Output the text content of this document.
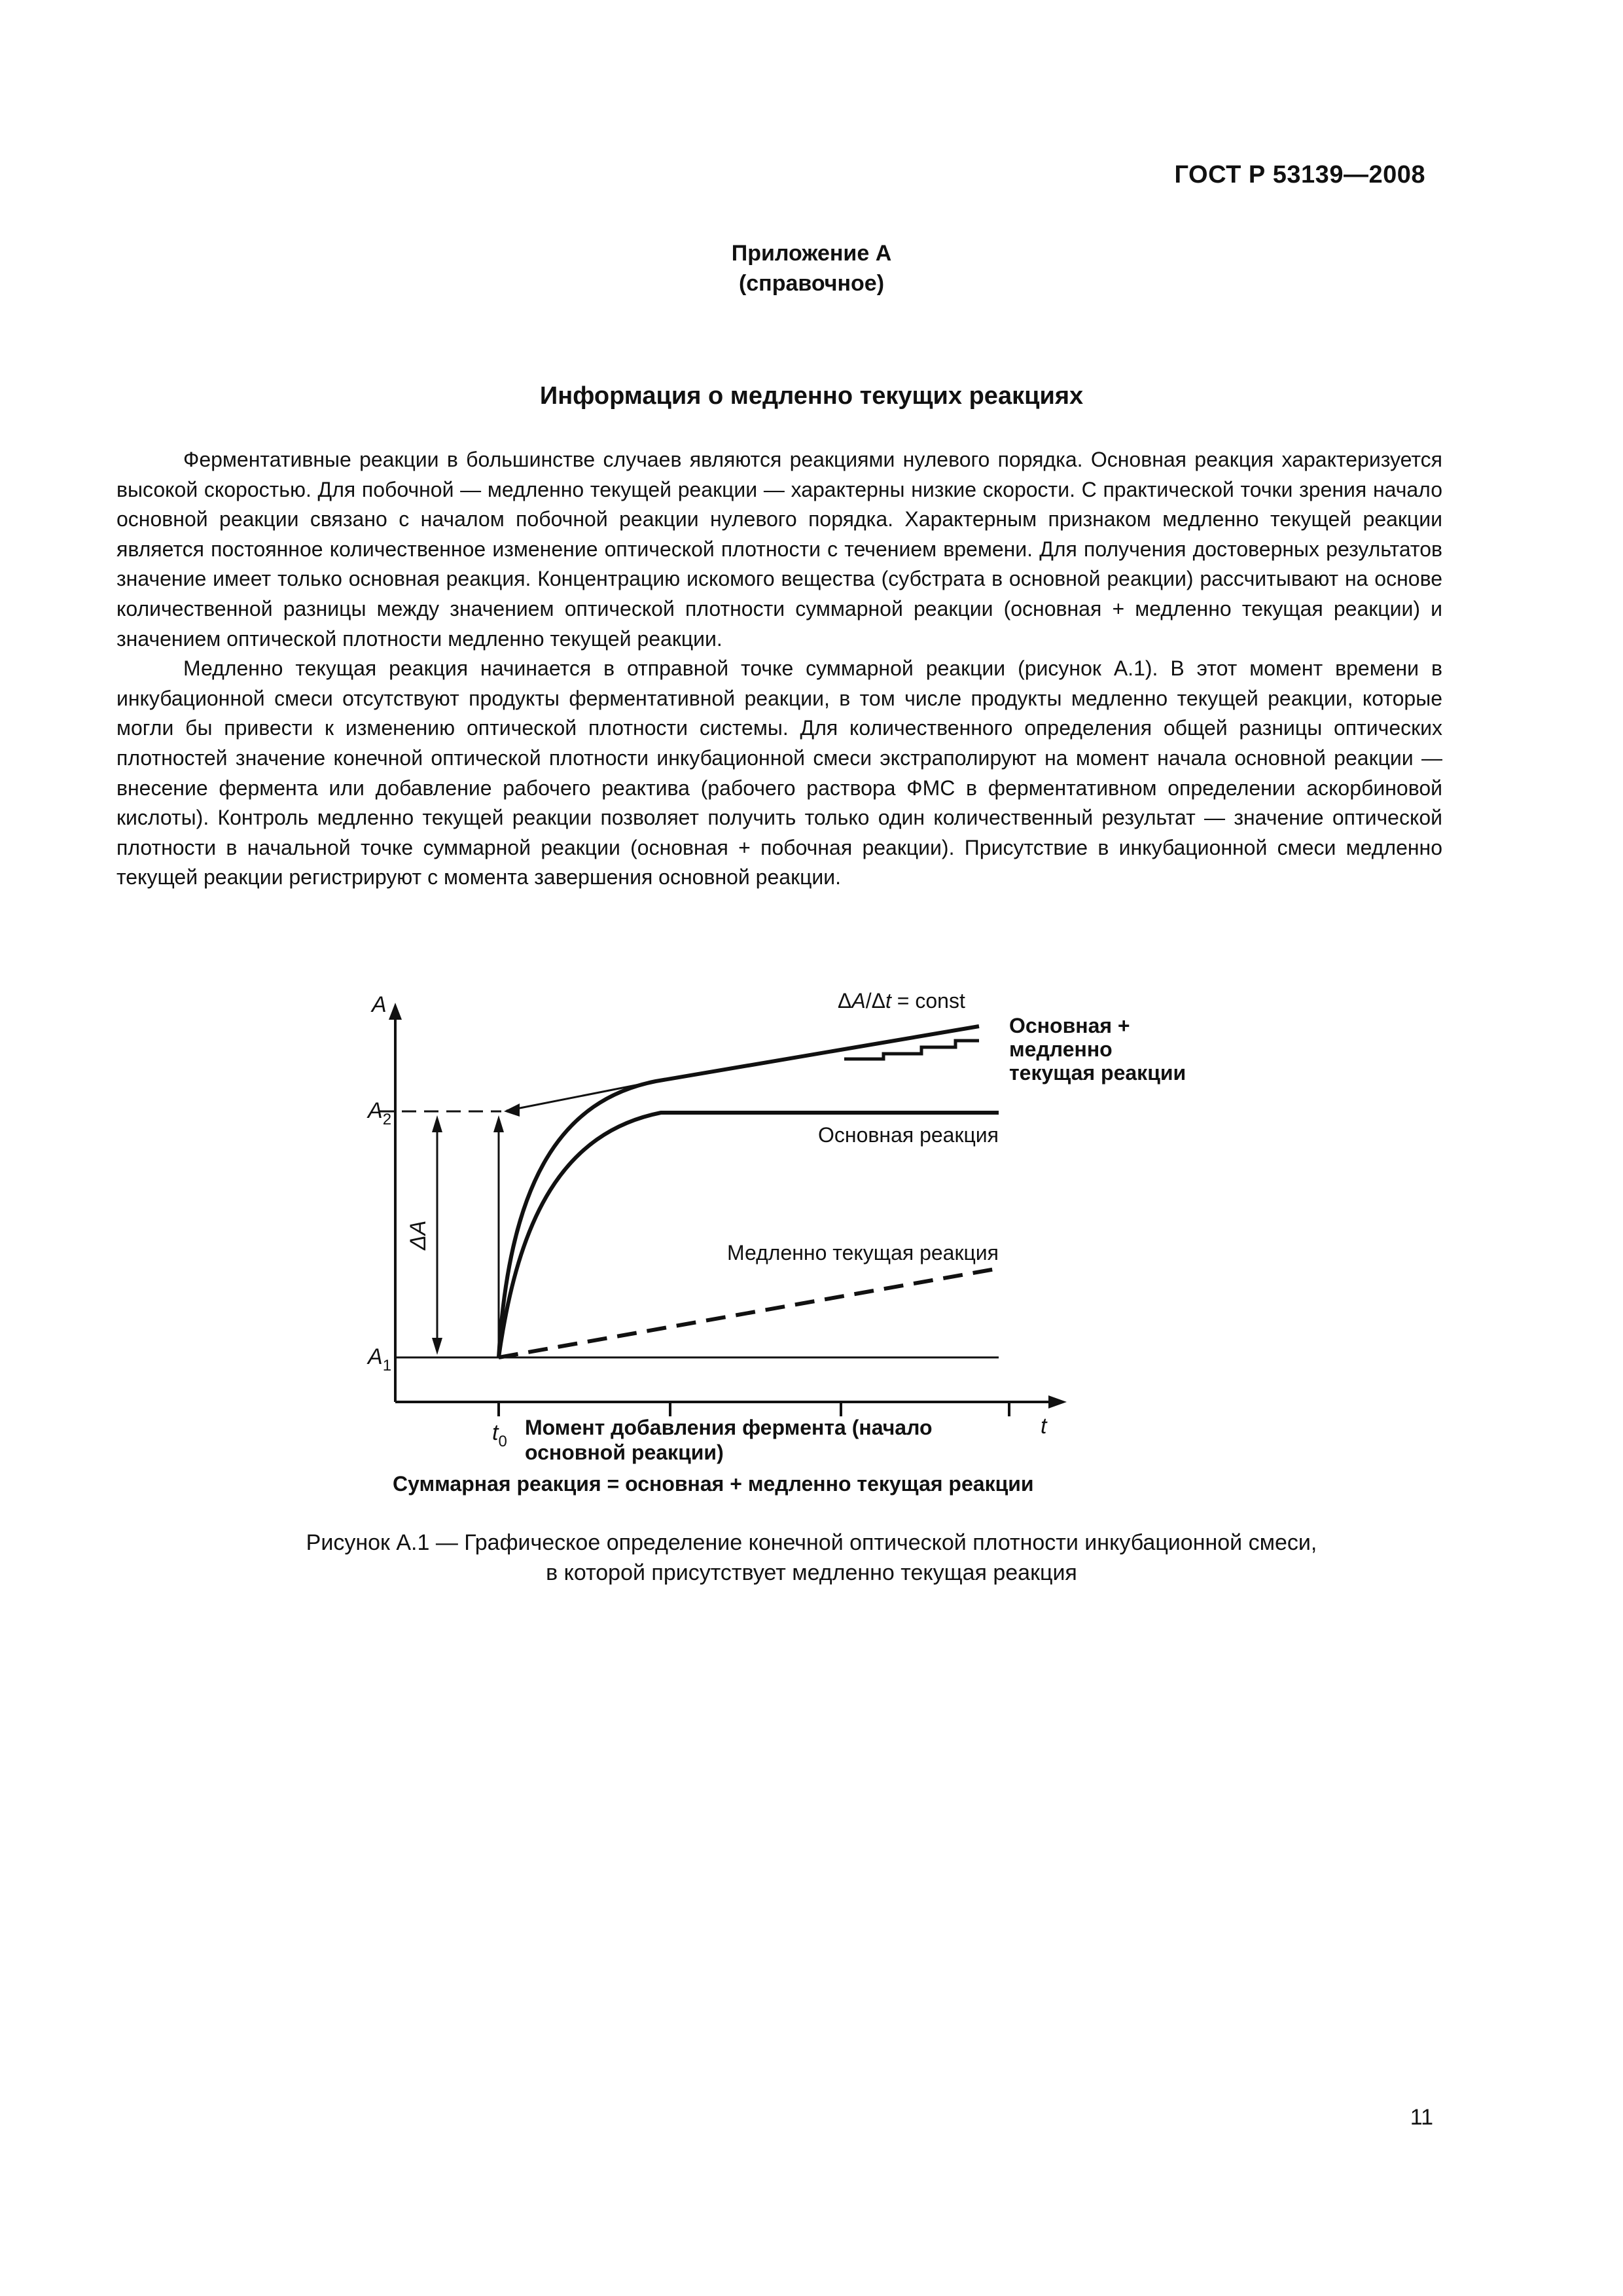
ГОСТ Р 53139—2008
Приложение А
(справочное)
Информация о медленно текущих реакциях

Ферментативные реакции в большинстве случаев являются реакциями нулевого порядка. Основная реакция характеризуется высокой скоростью. Для побочной — медленно текущей реакции — характерны низкие скорости. С практической точки зрения начало основной реакции связано с началом побочной реакции нулевого порядка. Характерным признаком медленно текущей реакции является постоянное количественное изменение оптической плотности с течением времени. Для получения достоверных результатов значение имеет только основная реакция. Концентрацию искомого вещества (субстрата в основной реакции) рассчитывают на основе количественной разницы между значением оптической плотности суммарной реакции (основная + медленно текущая реакции) и значением оптической плотности медленно текущей реакции.

Медленно текущая реакция начинается в отправной точке суммарной реакции (рисунок А.1). В этот момент времени в инкубационной смеси отсутствуют продукты ферментативной реакции, в том числе продукты медленно текущей реакции, которые могли бы привести к изменению оптической плотности системы. Для количественного определения общей разницы оптических плотностей значение конечной оптической плотности инкубационной смеси экстраполируют на момент начала основной реакции — внесение фермента или добавление рабочего реактива (рабочего раствора ФМС в ферментативном определении аскорбиновой кислоты). Контроль медленно текущей реакции позволяет получить только один количественный результат — значение оптической плотности в начальной точке суммарной реакции (основная + побочная реакции). Присутствие в инкубационной смеси медленно текущей реакции регистрируют с момента завершения основной реакции.

A
t
$A_1$
$A_2$
ΔA
ΔA/Δt = const
Основная +
медленно
текущая реакции
Основная реакция
Медленно текущая реакция
$t_0$
Момент добавления фермента (начало
основной реакции)
Суммарная реакция = основная + медленно текущая реакции
Рисунок А.1 — Графическое определение конечной оптической плотности инкубационной смеси,
в которой присутствует медленно текущая реакция
11
